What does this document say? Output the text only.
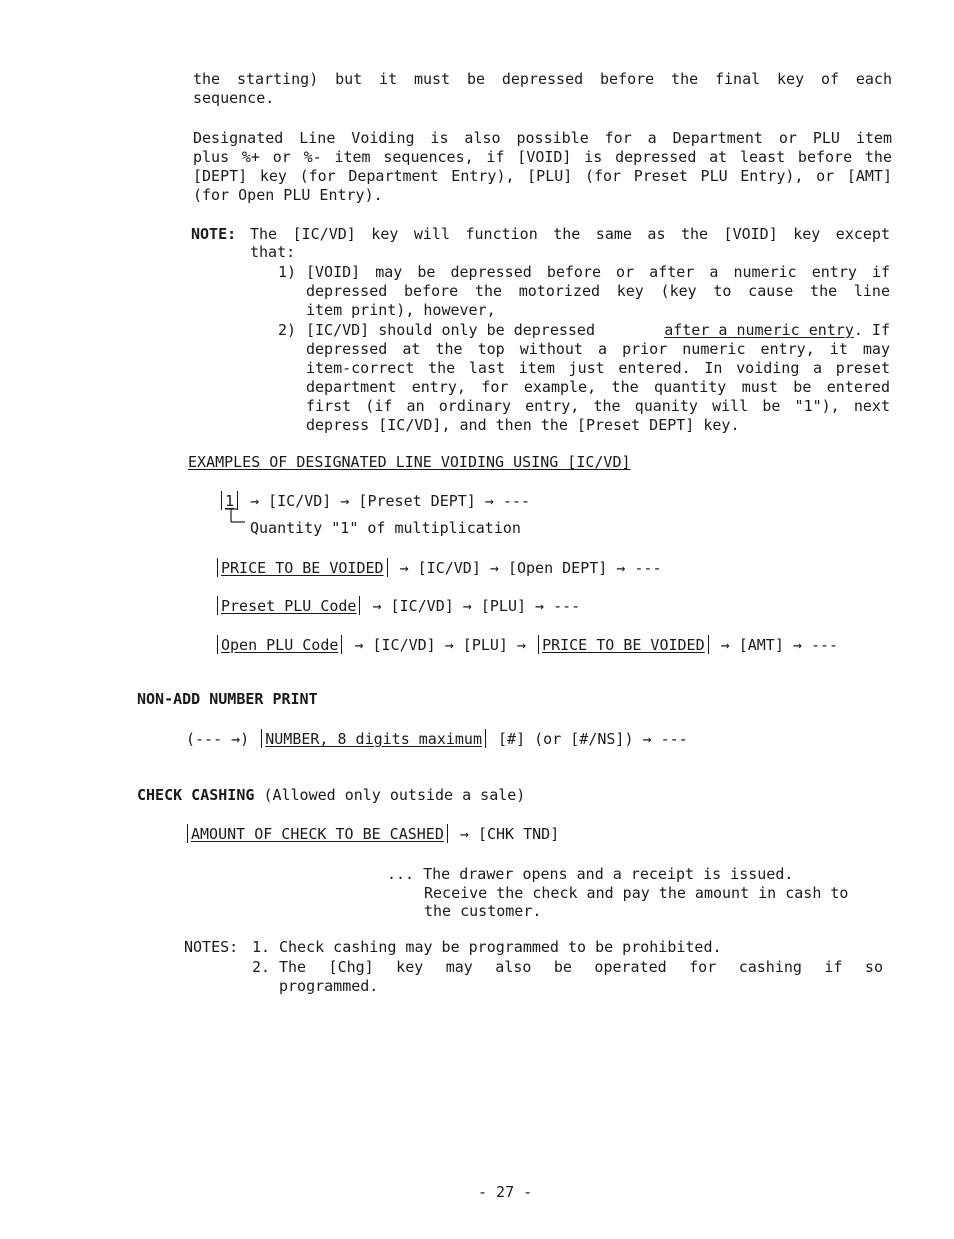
the starting) but it must be depressed before the final key of each
sequence.
Designated Line Voiding is also possible for a Department or PLU item
plus %+ or %- item sequences, if [VOID] is depressed at least before the
[DEPT] key (for Department Entry), [PLU] (for Preset PLU Entry), or [AMT]
(for Open PLU Entry).
NOTE: The [IC/VD] key will function the same as the [VOID] key except
that:
1) [VOID] may be depressed before or after a numeric entry if
depressed before the motorized key (key to cause the line
item print), however,
2) [IC/VD] should only be depressed	after a numeric entry. If
depressed at the top without a prior numeric entry, it may
item-correct the last item just entered. In voiding a preset
department entry, for example, the quantity must be entered
first (if an ordinary entry, the quanity will be "1"), next
depress [IC/VD], and then the [Preset DEPT] key.
EXAMPLES OF DESIGNATED LINE VOIDING USING [IC/VD]
1 → [IC/VD] → [Preset DEPT] → ---
Quantity "1" of multiplication
PRICE TO BE VOIDED → [IC/VD] → [Open DEPT] → ---
Preset PLU Code → [IC/VD] → [PLU] → ---
Open PLU Code → [IC/VD] → [PLU] → PRICE TO BE VOIDED → [AMT] → ---
NON-ADD NUMBER PRINT
(--- →) NUMBER, 8 digits maximum [#] (or [#/NS]) → ---
CHECK CASHING (Allowed only outside a sale)
AMOUNT OF CHECK TO BE CASHED → [CHK TND]
... The drawer opens and a receipt is issued.
Receive the check and pay the amount in cash to
the customer.
NOTES: 1. Check cashing may be programmed to be prohibited.
2. The [Chg] key may also be operated for cashing if so
programmed.
- 27 -
